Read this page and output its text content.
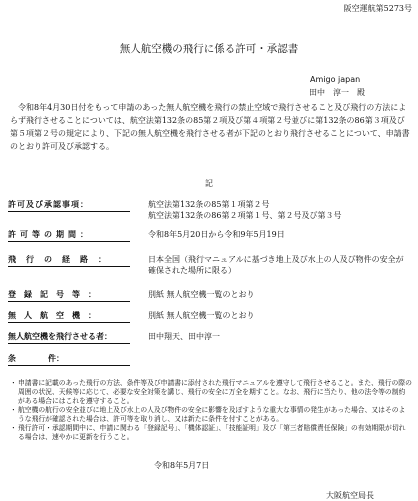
阪空運航第5273号
無人航空機の飛行に係る許可・承認書
Amigo japan
田中　淳一　殿

令和8年4月30日付をもって申請のあった無人航空機を飛行の禁止空域で飛行させること及び飛行の方法によらず飛行させることについては、航空法第132条の85第２項及び第４項第２号並びに第132条の86第３項及び第５項第２号の規定により、下記の無人航空機を飛行させる者が下記のとおり飛行させることについて、申請書のとおり許可及び承認する。

記
許可及び承認事項：	航空法第132条の85第１項第２号
航空法第132条の86第２項第１号、第２号及び第３号
許可等の期間：	令和8年5月20日から令和9年5月19日
飛行の経路：	日本全国（飛行マニュアルに基づき地上及び水上の人及び物件の安全が確保された場所に限る）
登録記号等：	別紙 無人航空機一覧のとおり
無人航空機：	別紙 無人航空機一覧のとおり
無人航空機を飛行させる者：	田中翔天、田中淳一
条　　　　件：
・ 申請書に記載のあった飛行の方法、条件等及び申請書に添付された飛行マニュアルを遵守して飛行させること。また、飛行の際の周囲の状況、天候等に応じて、必要な安全対策を講じ、飛行の安全に万全を期すこと。なお、飛行に当たり、他の法令等の制約がある場合にはこれを遵守すること。
・ 航空機の航行の安全並びに地上及び水上の人及び物件の安全に影響を及ぼすような重大な事情の発生があった場合、又はそのような飛行が確認された場合は、許可等を取り消し、又は新たに条件を付すことがある。
・ 飛行許可・承認期間中に、申請に関わる「登録記号」、「機体認証」、「技能証明」及び「第三者賠償責任保険」の有効期限が切れる場合は、速やかに更新を行うこと。
令和8年5月7日
大阪航空局長
